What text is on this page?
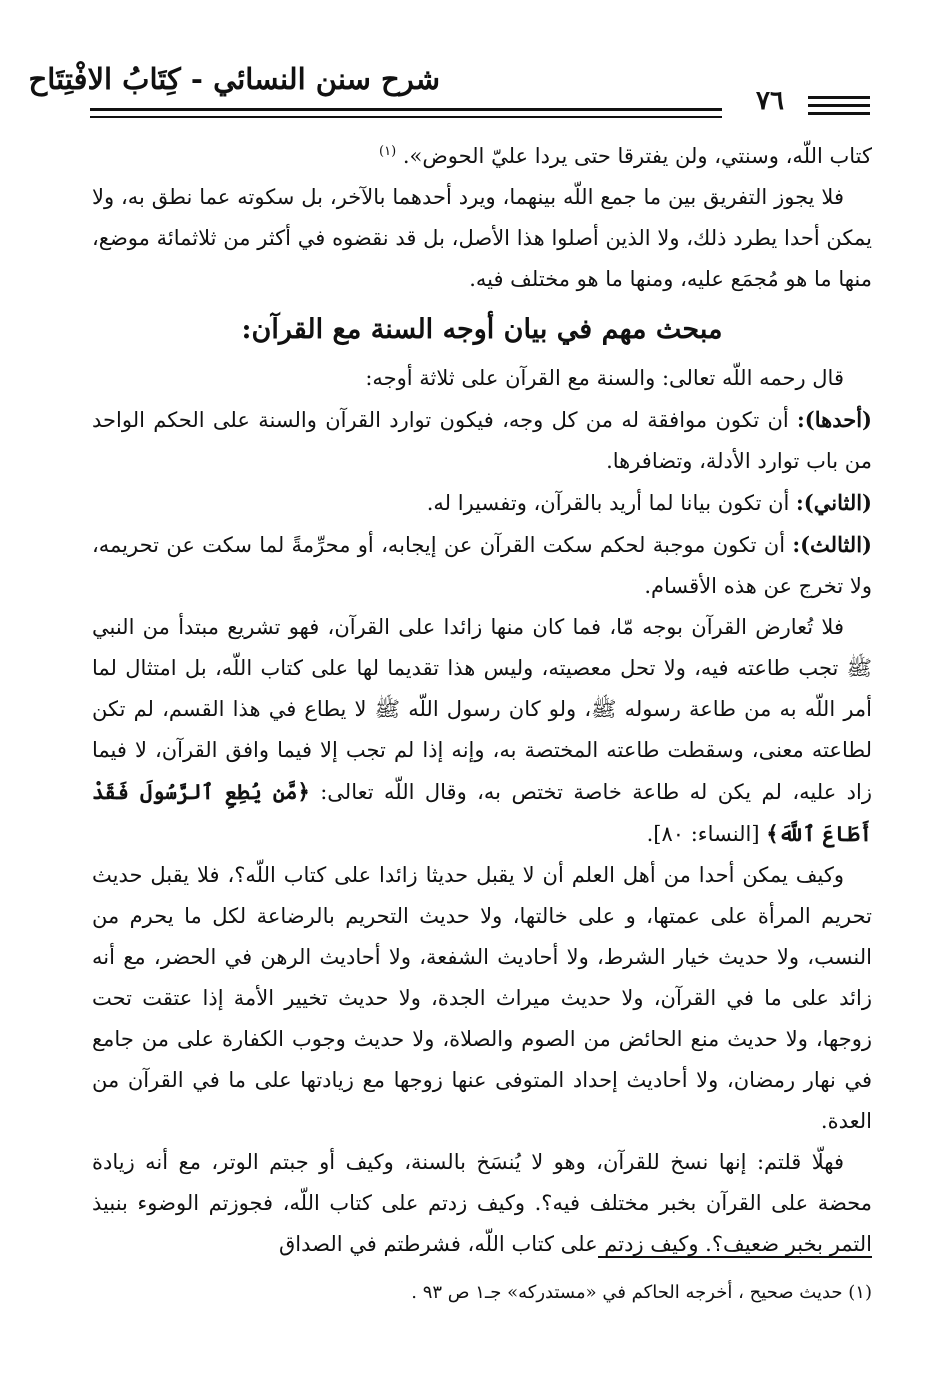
شرح سنن النسائي - كِتَابُ الافْتِتَاح
٧٦

كتاب اللّه، وسنتي، ولن يفترقا حتى يردا عليّ الحوض». $^{(١)}$

فلا يجوز التفريق بين ما جمع اللّه بينهما، ويرد أحدهما بالآخر، بل سكوته عما نطق به، ولا يمكن أحدا يطرد ذلك، ولا الذين أصلوا هذا الأصل، بل قد نقضوه في أكثر من ثلاثمائة موضع، منها ما هو مُجمَع عليه، ومنها ما هو مختلف فيه.

مبحث مهم في بيان أوجه السنة مع القرآن:

قال رحمه اللّه تعالى: والسنة مع القرآن على ثلاثة أوجه:

(أحدها): أن تكون موافقة له من كل وجه، فيكون توارد القرآن والسنة على الحكم الواحد من باب توارد الأدلة، وتضافرها.

(الثاني): أن تكون بيانا لما أريد بالقرآن، وتفسيرا له.

(الثالث): أن تكون موجبة لحكم سكت القرآن عن إيجابه، أو محرِّمةً لما سكت عن تحريمه، ولا تخرج عن هذه الأقسام.

فلا تُعارض القرآن بوجه مّا، فما كان منها زائدا على القرآن، فهو تشريع مبتدأ من النبي ﷺ تجب طاعته فيه، ولا تحل معصيته، وليس هذا تقديما لها على كتاب اللّه، بل امتثال لما أمر اللّه به من طاعة رسوله ﷺ، ولو كان رسول اللّه ﷺ لا يطاع في هذا القسم، لم تكن لطاعته معنى، وسقطت طاعته المختصة به، وإنه إذا لم تجب إلا فيما وافق القرآن، لا فيما زاد عليه، لم يكن له طاعة خاصة تختص به، وقال اللّه تعالى: ﴿مَّن يُطِعِ ٱلرَّسُولَ فَقَدْ أَطَاعَ ٱللَّهَ﴾ [النساء: ٨٠].

وكيف يمكن أحدا من أهل العلم أن لا يقبل حديثا زائدا على كتاب اللّه؟، فلا يقبل حديث تحريم المرأة على عمتها، و على خالتها، ولا حديث التحريم بالرضاعة لكل ما يحرم من النسب، ولا حديث خيار الشرط، ولا أحاديث الشفعة، ولا أحاديث الرهن في الحضر، مع أنه زائد على ما في القرآن، ولا حديث ميراث الجدة، ولا حديث تخيير الأمة إذا عتقت تحت زوجها، ولا حديث منع الحائض من الصوم والصلاة، ولا حديث وجوب الكفارة على من جامع في نهار رمضان، ولا أحاديث إحداد المتوفى عنها زوجها مع زيادتها على ما في القرآن من العدة.

فهلّا قلتم: إنها نسخ للقرآن، وهو لا يُنسَخ بالسنة، وكيف أو جبتم الوتر، مع أنه زيادة محضة على القرآن بخبر مختلف فيه؟. وكيف زدتم على كتاب اللّه، فجوزتم الوضوء بنبيذ التمر بخبر ضعيف؟. وكيف زدتم على كتاب اللّه، فشرطتم في الصداق

(١) حديث صحيح ، أخرجه الحاكم في «مستدركه» جـ١ ص ٩٣ .
